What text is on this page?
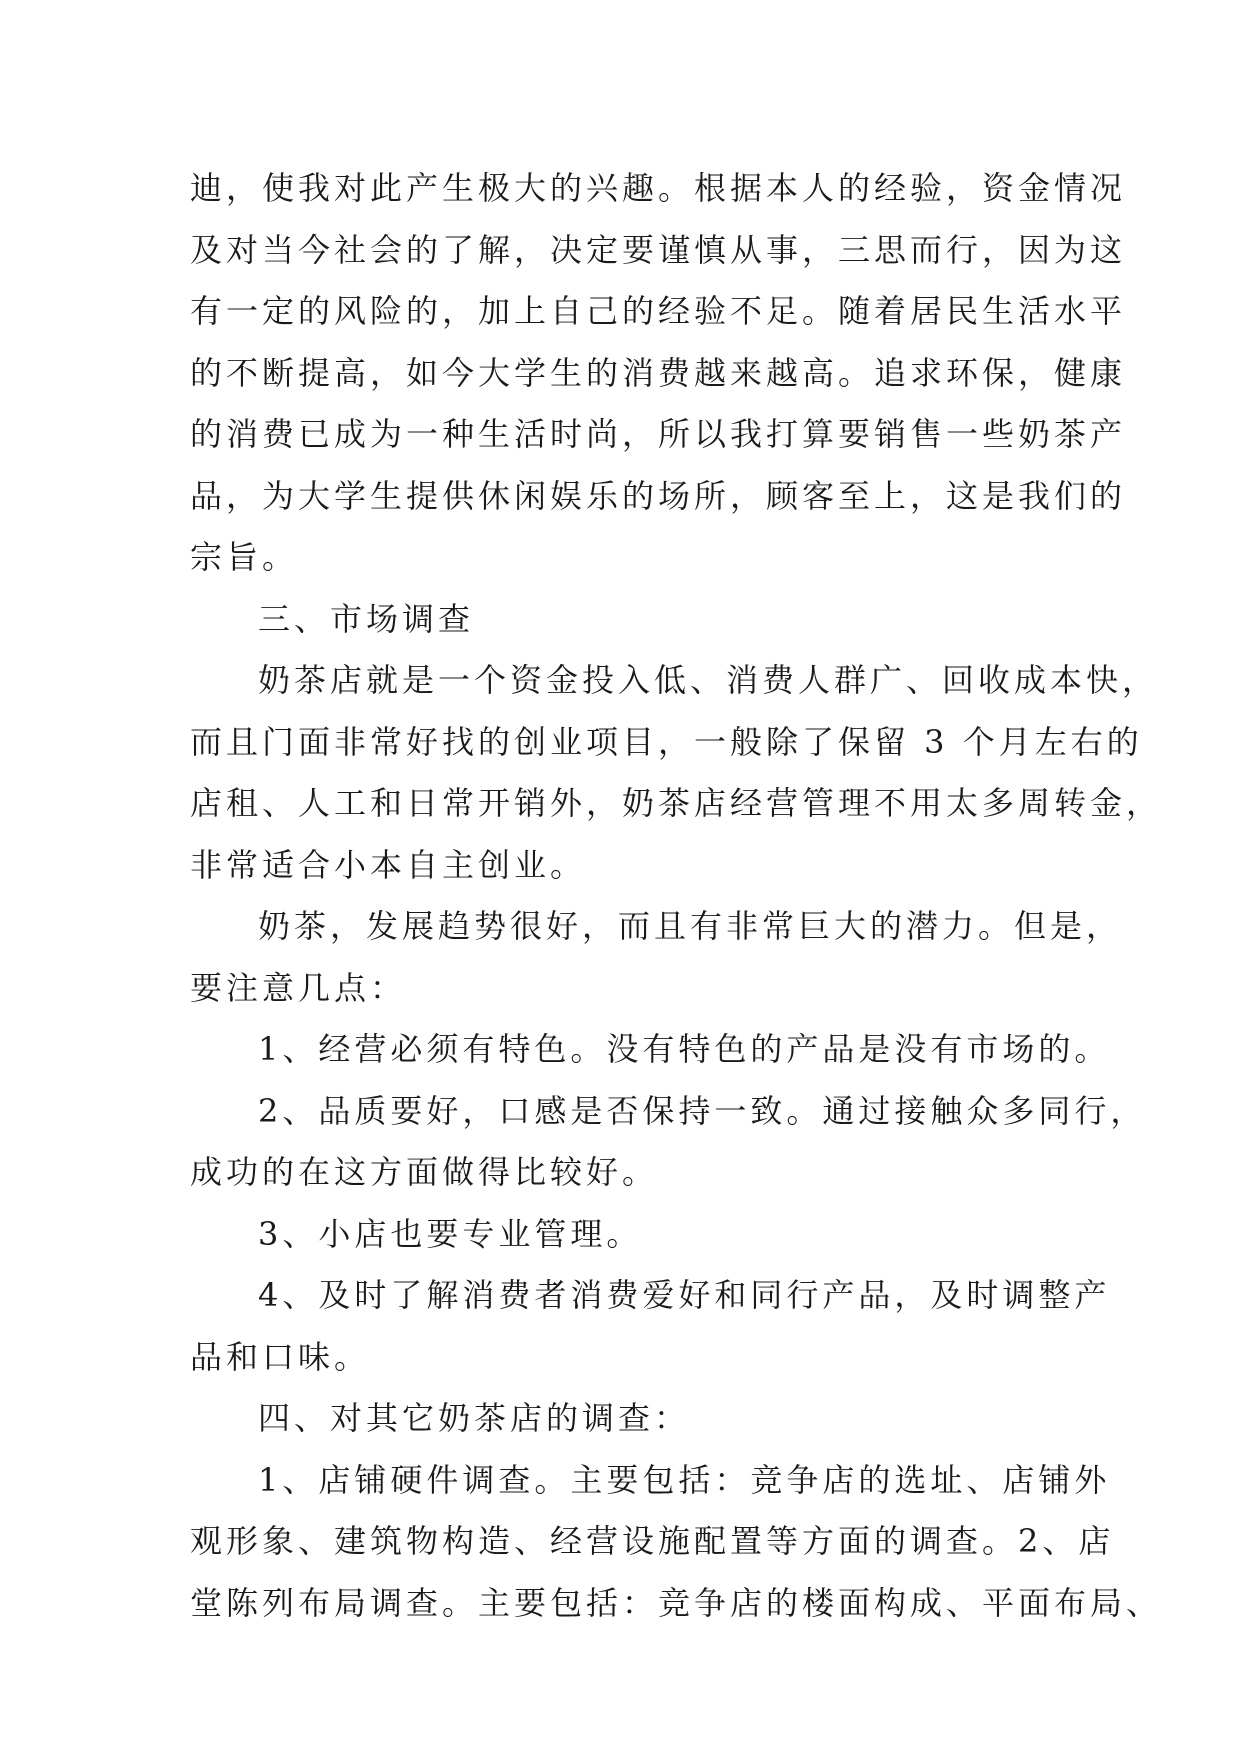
迪，使我对此产生极大的兴趣。根据本人的经验，资金情况
及对当今社会的了解，决定要谨慎从事，三思而行，因为这
有一定的风险的，加上自己的经验不足。随着居民生活水平
的不断提高，如今大学生的消费越来越高。追求环保，健康
的消费已成为一种生活时尚，所以我打算要销售一些奶茶产
品，为大学生提供休闲娱乐的场所，顾客至上，这是我们的
宗旨。
三、市场调查
奶茶店就是一个资金投入低、消费人群广、回收成本快，
而且门面非常好找的创业项目，一般除了保留 3 个月左右的
店租、人工和日常开销外，奶茶店经营管理不用太多周转金，
非常适合小本自主创业。
奶茶，发展趋势很好，而且有非常巨大的潜力。但是，
要注意几点：
1、经营必须有特色。没有特色的产品是没有市场的。
2、品质要好，口感是否保持一致。通过接触众多同行，
成功的在这方面做得比较好。
3、小店也要专业管理。
4、及时了解消费者消费爱好和同行产品，及时调整产
品和口味。
四、对其它奶茶店的调查：
1、店铺硬件调查。主要包括：竞争店的选址、店铺外
观形象、建筑物构造、经营设施配置等方面的调查。2、店
堂陈列布局调查。主要包括：竞争店的楼面构成、平面布局、
